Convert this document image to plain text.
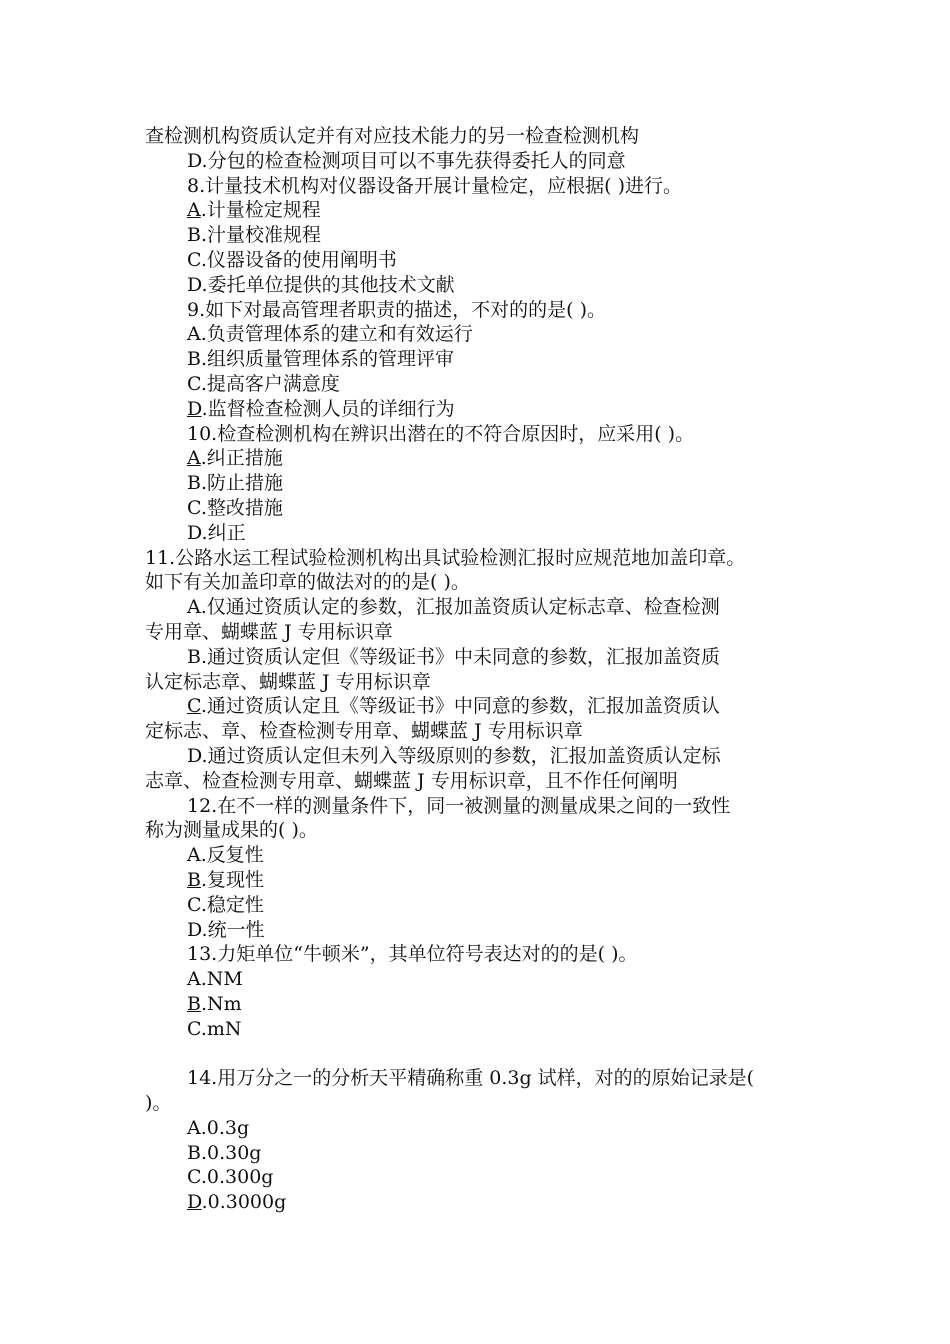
查检测机构资质认定并有对应技术能力的另一检查检测机构
D.分包的检查检测项目可以不事先获得委托人的同意
8.计量技术机构对仪器设备开展计量检定，应根据( )进行。
A.计量检定规程
B.汁量校准规程
C.仪器设备的使用阐明书
D.委托单位提供的其他技术文献
9.如下对最高管理者职责的描述，不对的的是( )。
A.负责管理体系的建立和有效运行
B.组织质量管理体系的管理评审
C.提高客户满意度
D.监督检查检测人员的详细行为
10.检查检测机构在辨识出潜在的不符合原因时，应采用( )。
A.纠正措施
B.防止措施
C.整改措施
D.纠正
11.公路水运工程试验检测机构出具试验检测汇报时应规范地加盖印章。
如下有关加盖印章的做法对的的是( )。
A.仅通过资质认定的参数，汇报加盖资质认定标志章、检查检测
专用章、蝴蝶蓝 J 专用标识章
B.通过资质认定但《等级证书》中未同意的参数，汇报加盖资质
认定标志章、蝴蝶蓝 J 专用标识章
C.通过资质认定且《等级证书》中同意的参数，汇报加盖资质认
定标志、章、检查检测专用章、蝴蝶蓝 J 专用标识章
D.通过资质认定但未列入等级原则的参数，汇报加盖资质认定标
志章、检查检测专用章、蝴蝶蓝 J 专用标识章，且不作任何阐明
12.在不一样的测量条件下，同一被测量的测量成果之间的一致性
称为测量成果的( )。
A.反复性
B.复现性
C.稳定性
D.统一性
13.力矩单位“牛顿米”，其单位符号表达对的的是( )。
A.NM
B.Nm
C.mN
14.用万分之一的分析天平精确称重 0.3g 试样，对的的原始记录是(
)。
A.0.3g
B.0.30g
C.0.300g
D.0.3000g
